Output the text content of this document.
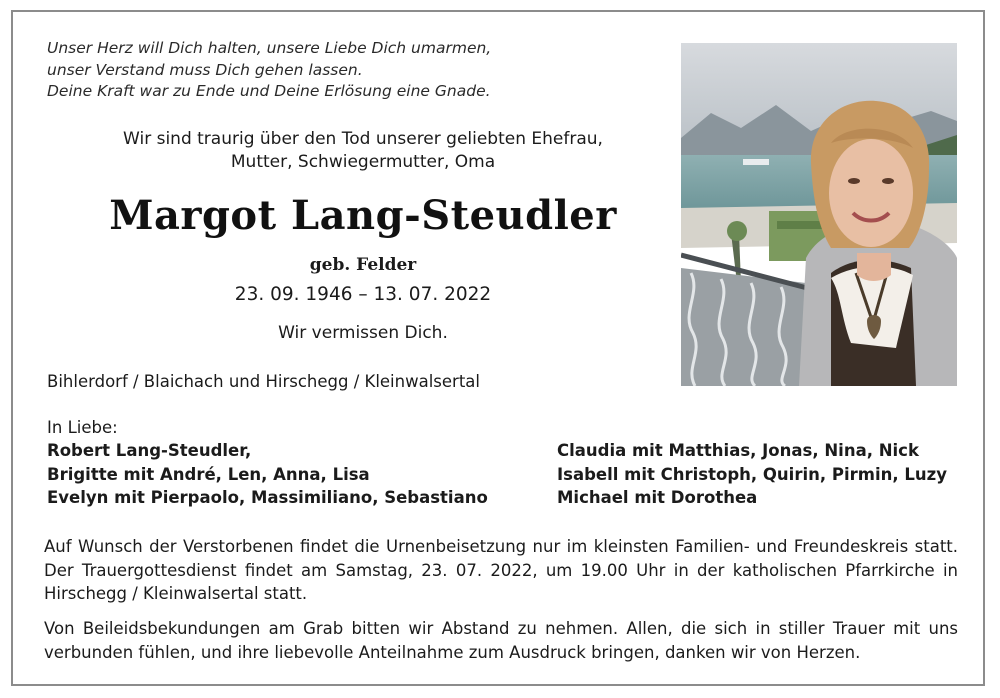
Unser Herz will Dich halten, unsere Liebe Dich umarmen,
unser Verstand muss Dich gehen lassen.
Deine Kraft war zu Ende und Deine Erlösung eine Gnade.
Wir sind traurig über den Tod unserer geliebten Ehefrau,
Mutter, Schwiegermutter, Oma
Margot Lang-Steudler
geb. Felder
23. 09. 1946 – 13. 07. 2022
Wir vermissen Dich.
Bihlerdorf / Blaichach und Hirschegg / Kleinwalsertal
In Liebe:
Robert Lang-Steudler,
Brigitte mit André, Len, Anna, Lisa
Evelyn mit Pierpaolo, Massimiliano, Sebastiano
Claudia mit Matthias, Jonas, Nina, Nick
Isabell mit Christoph, Quirin, Pirmin, Luzy
Michael mit Dorothea
Auf Wunsch der Verstorbenen findet die Urnenbeisetzung nur im kleinsten Familien- und Freundeskreis statt. Der Trauergottesdienst findet am Samstag, 23. 07. 2022, um 19.00 Uhr in der katholischen Pfarrkirche in Hirschegg / Kleinwalsertal statt.
Von Beileidsbekundungen am Grab bitten wir Abstand zu nehmen. Allen, die sich in stiller Trauer mit uns verbunden fühlen, und ihre liebevolle Anteilnahme zum Ausdruck bringen, danken wir von Herzen.
